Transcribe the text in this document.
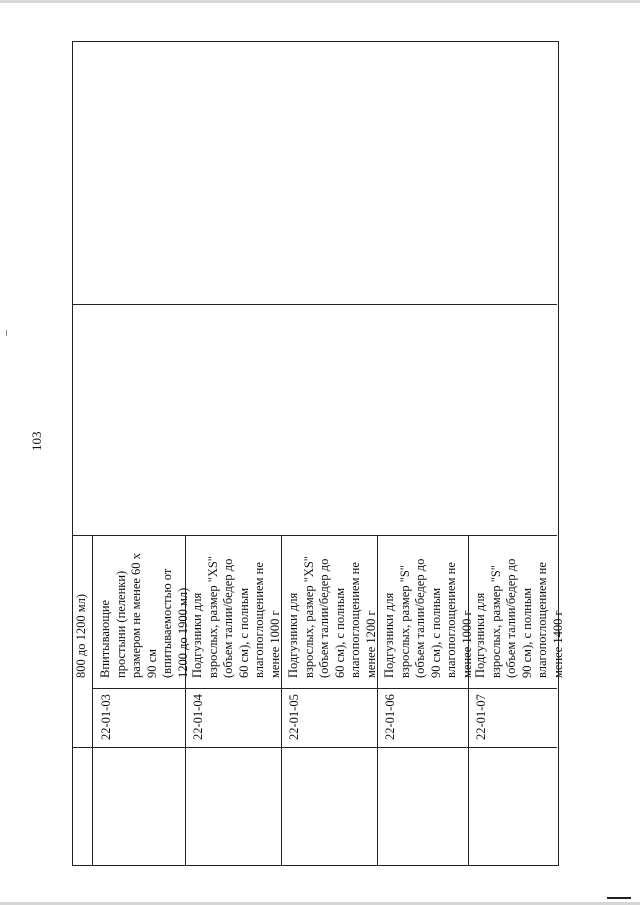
103
800 до 1200 мл)
22-01-03
Впитывающие
простыни (пеленки)
размером не менее 60 х
90 см
(впитываемостью от
1200 до 1900 мл)
22-01-04
Подгузники для
взрослых, размер "XS"
(объем талии/бедер до
60 см), с полным
влагопоглощением не
менее 1000 г
22-01-05
Подгузники для
взрослых, размер "XS"
(объем талии/бедер до
60 см), с полным
влагопоглощением не
менее 1200 г
22-01-06
Подгузники для
взрослых, размер "S"
(объем талии/бедер до
90 см), с полным
влагопоглощением не
менее 1000 г
22-01-07
Подгузники для
взрослых, размер "S"
(объем талии/бедер до
90 см), с полным
влагопоглощением не
менее 1400 г
